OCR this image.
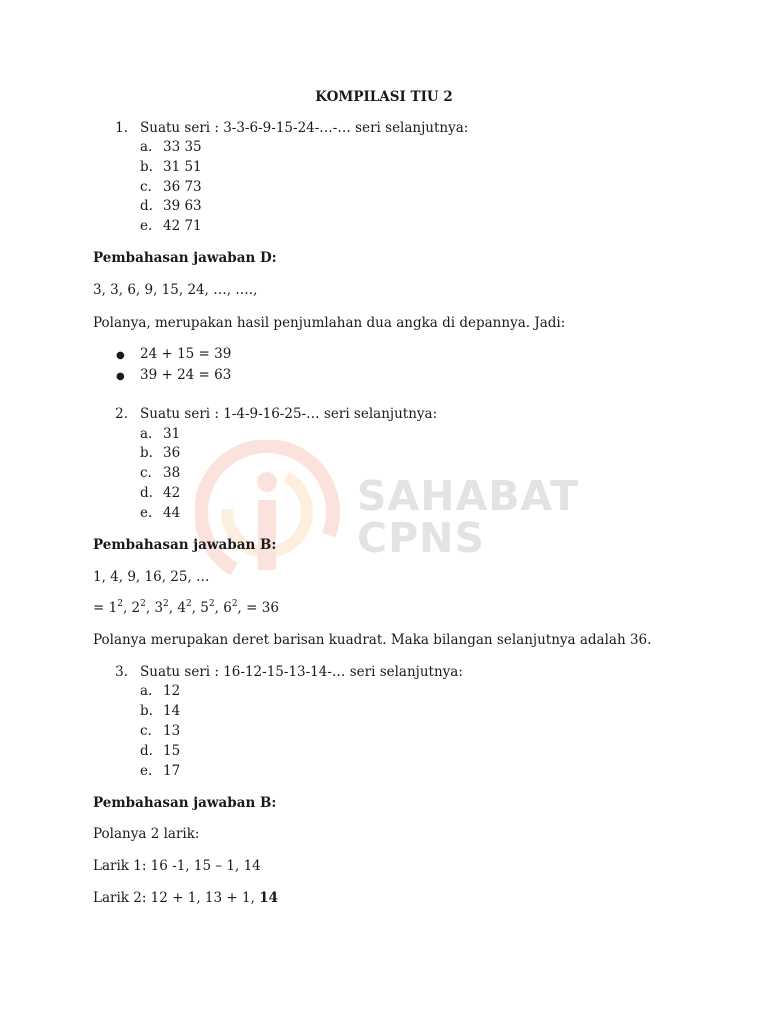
SAHABAT
CPNS
KOMPILASI TIU 2
1. Suatu seri : 3-3-6-9-15-24-…-… seri selanjutnya:
a. 33 35
b. 31 51
c. 36 73
d. 39 63
e. 42 71
Pembahasan jawaban D:
3, 3, 6, 9, 15, 24, …, ….,
Polanya, merupakan hasil penjumlahan dua angka di depannya. Jadi:
● 24 + 15 = 39
● 39 + 24 = 63
2. Suatu seri : 1-4-9-16-25-… seri selanjutnya:
a. 31
b. 36
c. 38
d. 42
e. 44
Pembahasan jawaban B:
1, 4, 9, 16, 25, …
= $1^2$, $2^2$, $3^2$, $4^2$, $5^2$, $6^2$, = 36
Polanya merupakan deret barisan kuadrat. Maka bilangan selanjutnya adalah 36.
3. Suatu seri : 16-12-15-13-14-… seri selanjutnya:
a. 12
b. 14
c. 13
d. 15
e. 17
Pembahasan jawaban B:
Polanya 2 larik:
Larik 1: 16 -1, 15 – 1, 14
Larik 2: 12 + 1, 13 + 1, 14
